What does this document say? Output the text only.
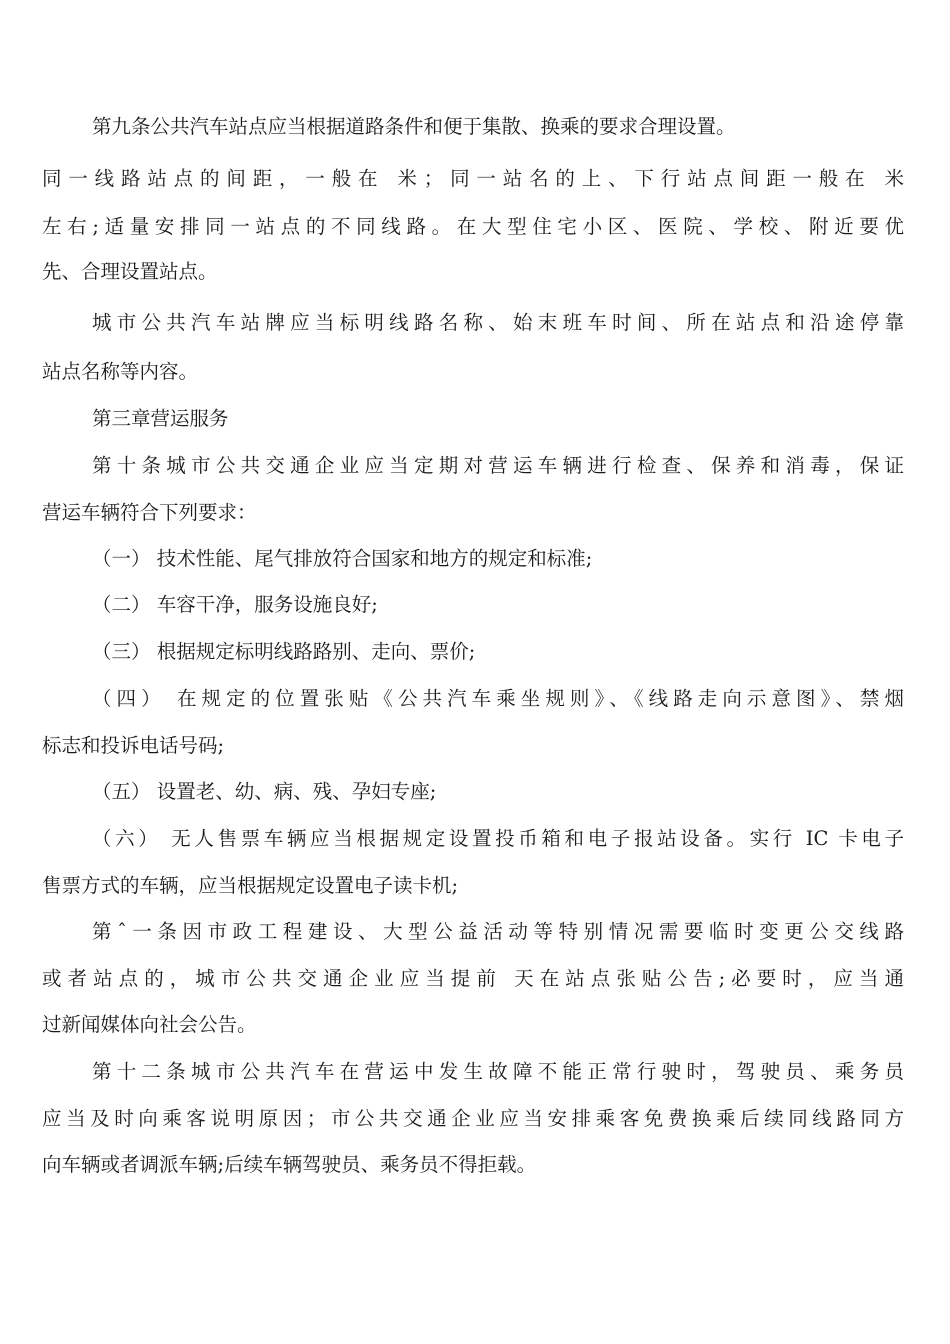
第九条公共汽车站点应当根据道路条件和便于集散、换乘的要求合理设置。
同一线路站点的间距，一般在 米；同一站名的上、下行站点间距一般在 米
左右;适量安排同一站点的不同线路。在大型住宅小区、医院、学校、附近要优
先、合理设置站点。
城市公共汽车站牌应当标明线路名称、始末班车时间、所在站点和沿途停靠
站点名称等内容。
第三章营运服务
第十条城市公共交通企业应当定期对营运车辆进行检查、保养和消毒，保证
营运车辆符合下列要求：
（一） 技术性能、尾气排放符合国家和地方的规定和标准;
（二） 车容干净，服务设施良好;
（三） 根据规定标明线路路别、走向、票价;
（四） 在规定的位置张贴《公共汽车乘坐规则》、《线路走向示意图》、禁烟
标志和投诉电话号码;
（五） 设置老、幼、病、残、孕妇专座;
（六） 无人售票车辆应当根据规定设置投币箱和电子报站设备。实行 IC 卡电子
售票方式的车辆，应当根据规定设置电子读卡机;
第ˆ一条因市政工程建设、大型公益活动等特别情况需要临时变更公交线路
或者站点的，城市公共交通企业应当提前 天在站点张贴公告;必要时，应当通
过新闻媒体向社会公告。
第十二条城市公共汽车在营运中发生故障不能正常行驶时，驾驶员、乘务员
应当及时向乘客说明原因；市公共交通企业应当安排乘客免费换乘后续同线路同方
向车辆或者调派车辆;后续车辆驾驶员、乘务员不得拒载。
